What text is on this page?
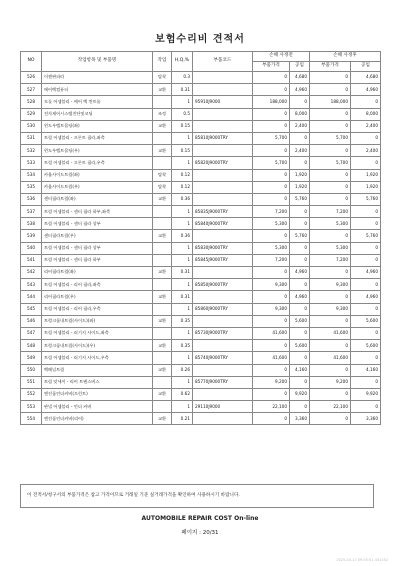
보험수리비 견적서
NO	작업항목 및 부품명	작업	H,Q,%	부품코드	손해 사정전		손해 사정후	
					부품가격	공임	부품가격	공임
526	이젠판파라	탈착	0.3		0	4,680	0	4,680
527	에어백컴퓨터	교환	0.31		0	4,960	0	4,960
528	모듈 어셈블리 - 에어 백 컨트롤		1	95910J9000	188,000	0	188,000	0
529	전자제어시스템진단및코딩	조정	0.5		0	8,000	0	8,000
530	윈도우벨트몰딩(좌)	교환	0.15		0	2,400	0	2,400
531	트림 어셈블리 - 프론트 필라,좌측		1	85810J9000TRY	5,700	0	5,700	0
532	윈도우벨트몰딩(우)	교환	0.15		0	2,400	0	2,400
533	트림 어셈블리 - 프론트 필라,우측		1	85820J9000TRY	5,700	0	5,700	0
534	카울사이드트림(좌)	탈착	0.12		0	1,920	0	1,920
535	카울사이드트림(우)	탈착	0.12		0	1,920	0	1,920
536	센터필라트림(좌)	교환	0.36		0	5,760	0	5,760
537	트림 어셈블리 - 센터 필라 하부,좌측		1	85835J9000TRY	7,200	0	7,200	0
538	트림 어셈블리 - 센터 필라 상부		1	85840J9000TRY	5,300	0	5,300	0
539	센터필라트림(우)	교환	0.36		0	5,760	0	5,760
540	트림 어셈블리 - 센터 필라 상부		1	85830J9000TRY	5,300	0	5,300	0
541	트림 어셈블리 - 센터 필라 하부		1	85845J9000TRY	7,200	0	7,200	0
542	리어필라트림(좌)	교환	0.31		0	4,960	0	4,960
543	트림 어셈블리 - 리어 필라,좌측		1	85850J9000TRY	9,300	0	9,300	0
544	리어필라트림(우)	교환	0.31		0	4,960	0	4,960
545	트림 어셈블리 - 리어 필라,우측		1	85860J9000TRY	9,300	0	9,300	0
546	트렁크룸내트림(사이드)(좌)	교환	0.35		0	5,600	0	5,600
547	트림 어셈블리 - 러기지 사이드,좌측		1	85730J9000TRY	41,600	0	41,600	0
548	트렁크룸내트림(사이드)(우)	교환	0.35		0	5,600	0	5,600
549	트림 어셈블리 - 러기지 사이드,우측		1	85740J9000TRY	41,600	0	41,600	0
550	백패널트림	교환	0.26		0	4,160	0	4,160
551	트림 앗세이 - 리어 트랜스버스		1	85770J9000TRY	9,200	0	9,200	0
552	엔진룸언더커버(프런트)	교환	0.62		0	9,920	0	9,920
553	판넬 어셈블리 - 언더 커버		1	29110J9000	22,100	0	22,100	0
554	엔진룸언더커버(리어)	교환	0.21		0	3,360	0	3,360
이 견적서/청구서의 부품가격은 참고 가격이므로 거래일 기준 실거래가격을 확인하여 사용하시기 바랍니다.
AUTOMOBILE REPAIR COST On-line
페이지 : 20/31
2025-04-17 09:35:51 401152
